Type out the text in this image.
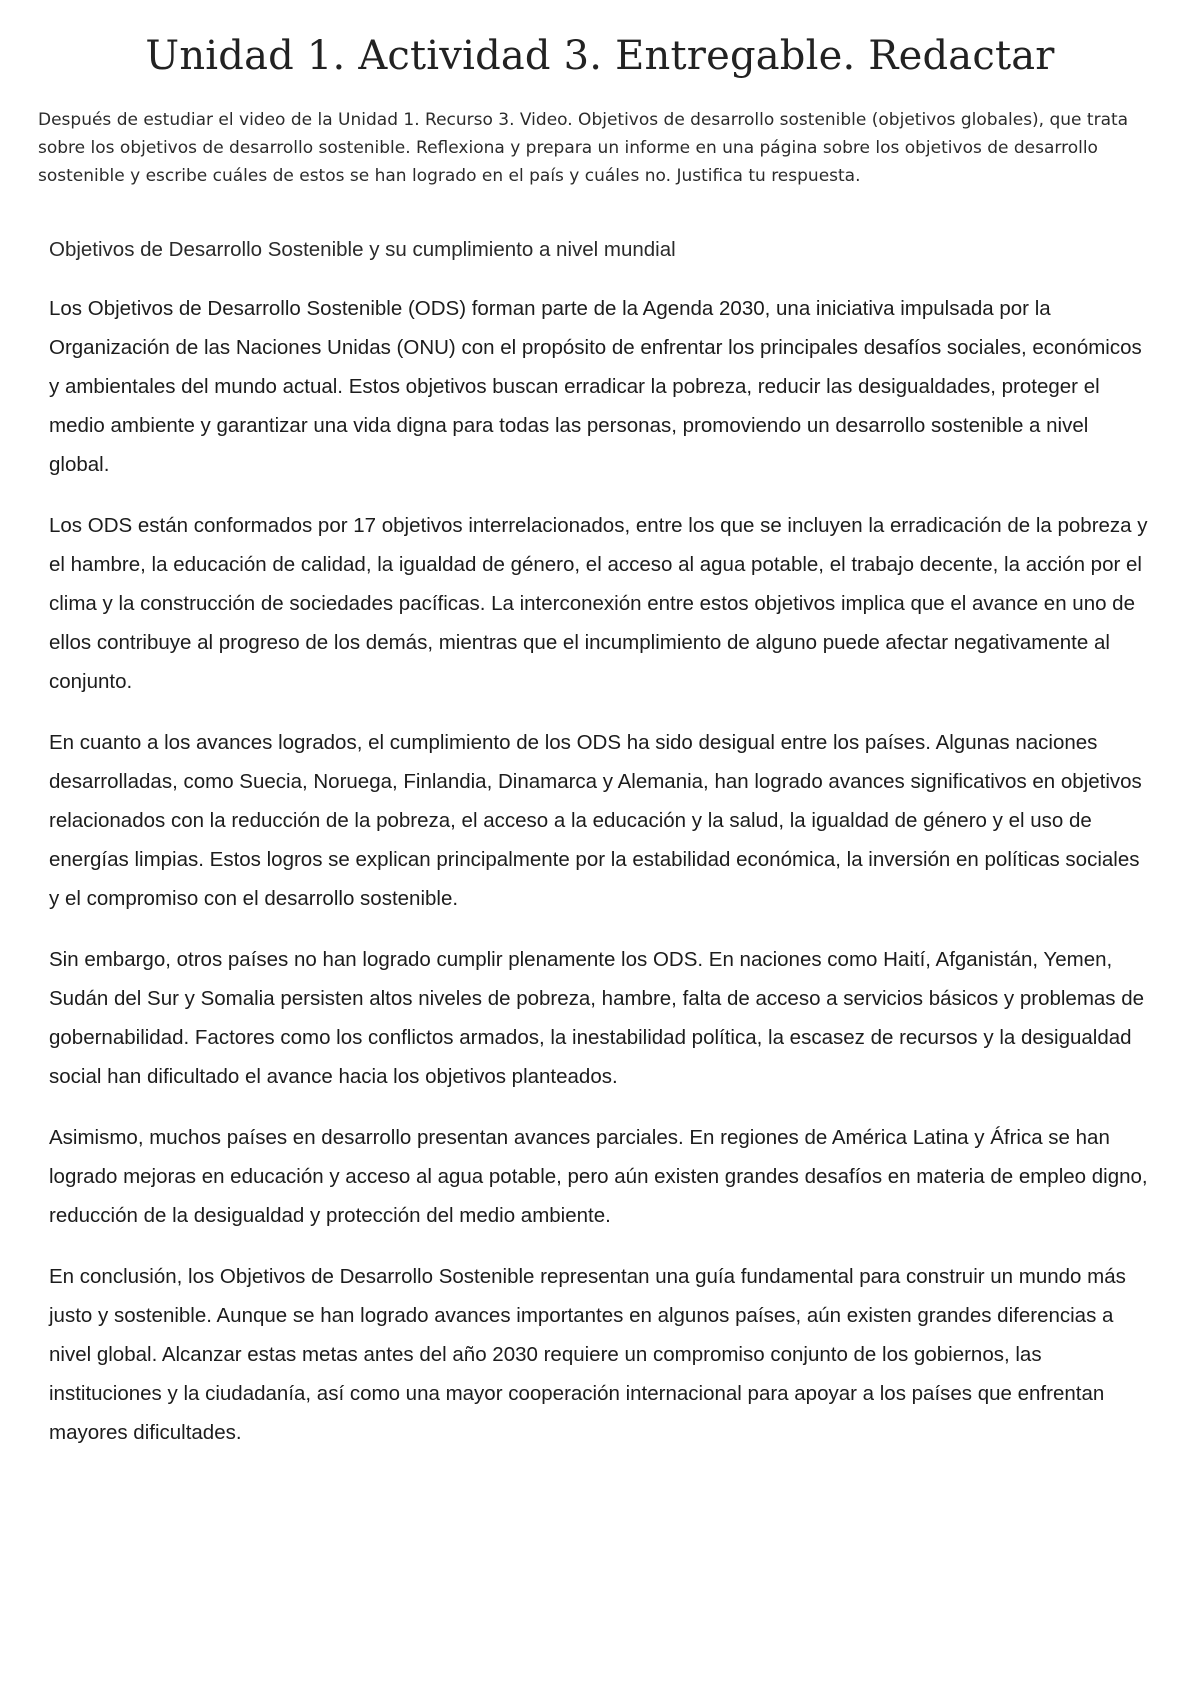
Unidad 1. Actividad 3. Entregable. Redactar

Después de estudiar el video de la Unidad 1. Recurso 3. Video. Objetivos de desarrollo sostenible (objetivos globales), que trata sobre los objetivos de desarrollo sostenible. Reflexiona y prepara un informe en una página sobre los objetivos de desarrollo sostenible y escribe cuáles de estos se han logrado en el país y cuáles no. Justifica tu respuesta.

Objetivos de Desarrollo Sostenible y su cumplimiento a nivel mundial

Los Objetivos de Desarrollo Sostenible (ODS) forman parte de la Agenda 2030, una iniciativa impulsada por la Organización de las Naciones Unidas (ONU) con el propósito de enfrentar los principales desafíos sociales, económicos y ambientales del mundo actual. Estos objetivos buscan erradicar la pobreza, reducir las desigualdades, proteger el medio ambiente y garantizar una vida digna para todas las personas, promoviendo un desarrollo sostenible a nivel global.

Los ODS están conformados por 17 objetivos interrelacionados, entre los que se incluyen la erradicación de la pobreza y el hambre, la educación de calidad, la igualdad de género, el acceso al agua potable, el trabajo decente, la acción por el clima y la construcción de sociedades pacíficas. La interconexión entre estos objetivos implica que el avance en uno de ellos contribuye al progreso de los demás, mientras que el incumplimiento de alguno puede afectar negativamente al conjunto.

En cuanto a los avances logrados, el cumplimiento de los ODS ha sido desigual entre los países. Algunas naciones desarrolladas, como Suecia, Noruega, Finlandia, Dinamarca y Alemania, han logrado avances significativos en objetivos relacionados con la reducción de la pobreza, el acceso a la educación y la salud, la igualdad de género y el uso de energías limpias. Estos logros se explican principalmente por la estabilidad económica, la inversión en políticas sociales y el compromiso con el desarrollo sostenible.

Sin embargo, otros países no han logrado cumplir plenamente los ODS. En naciones como Haití, Afganistán, Yemen, Sudán del Sur y Somalia persisten altos niveles de pobreza, hambre, falta de acceso a servicios básicos y problemas de gobernabilidad. Factores como los conflictos armados, la inestabilidad política, la escasez de recursos y la desigualdad social han dificultado el avance hacia los objetivos planteados.

Asimismo, muchos países en desarrollo presentan avances parciales. En regiones de América Latina y África se han logrado mejoras en educación y acceso al agua potable, pero aún existen grandes desafíos en materia de empleo digno, reducción de la desigualdad y protección del medio ambiente.

En conclusión, los Objetivos de Desarrollo Sostenible representan una guía fundamental para construir un mundo más justo y sostenible. Aunque se han logrado avances importantes en algunos países, aún existen grandes diferencias a nivel global. Alcanzar estas metas antes del año 2030 requiere un compromiso conjunto de los gobiernos, las instituciones y la ciudadanía, así como una mayor cooperación internacional para apoyar a los países que enfrentan mayores dificultades.
